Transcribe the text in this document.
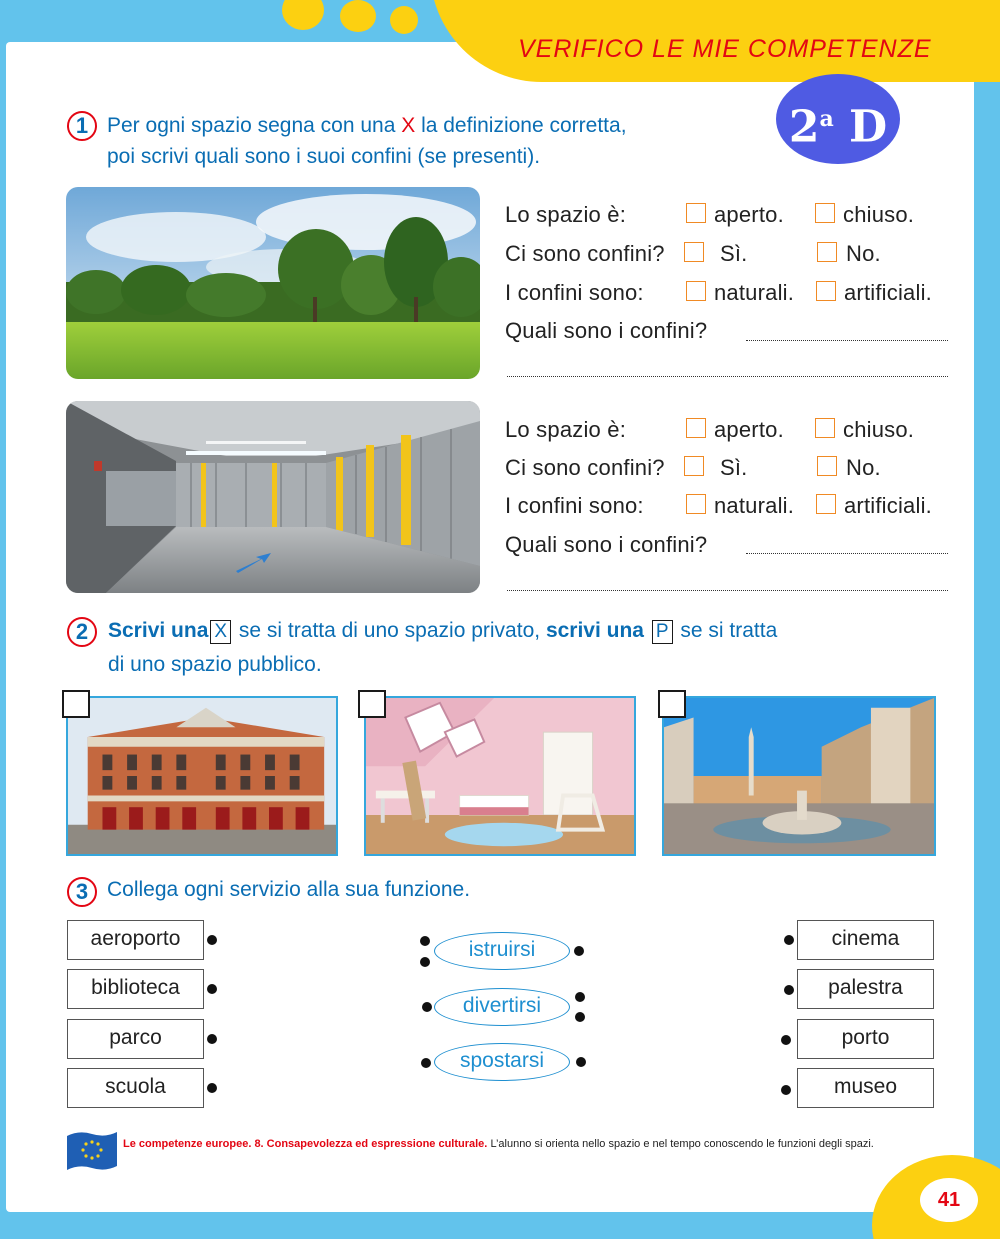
VERIFICO LE MIE COMPETENZE
2$^a$ D
1 Per ogni spazio segna con una X la definizione corretta,
poi scrivi quali sono i suoi confini (se presenti).
Lo spazio è:	aperto.	chiuso.
Ci sono confini?	Sì.	No.
I confini sono:	naturali. artificiali.
Quali sono i confini?
Lo spazio è:	aperto.	chiuso.
Ci sono confini?	Sì.	No.
I confini sono:	naturali. artificiali.
Quali sono i confini?
2 Scrivi una X se si tratta di uno spazio privato, scrivi una P se si tratta
di uno spazio pubblico.
3 Collega ogni servizio alla sua funzione.
aeroporto
biblioteca
parco
scuola
istruirsi
divertirsi
spostarsi
cinema
palestra
porto
museo
Le competenze europee. 8. Consapevolezza ed espressione culturale. L’alunno si orienta nello spazio e nel tempo conoscendo le funzioni degli spazi.
41
